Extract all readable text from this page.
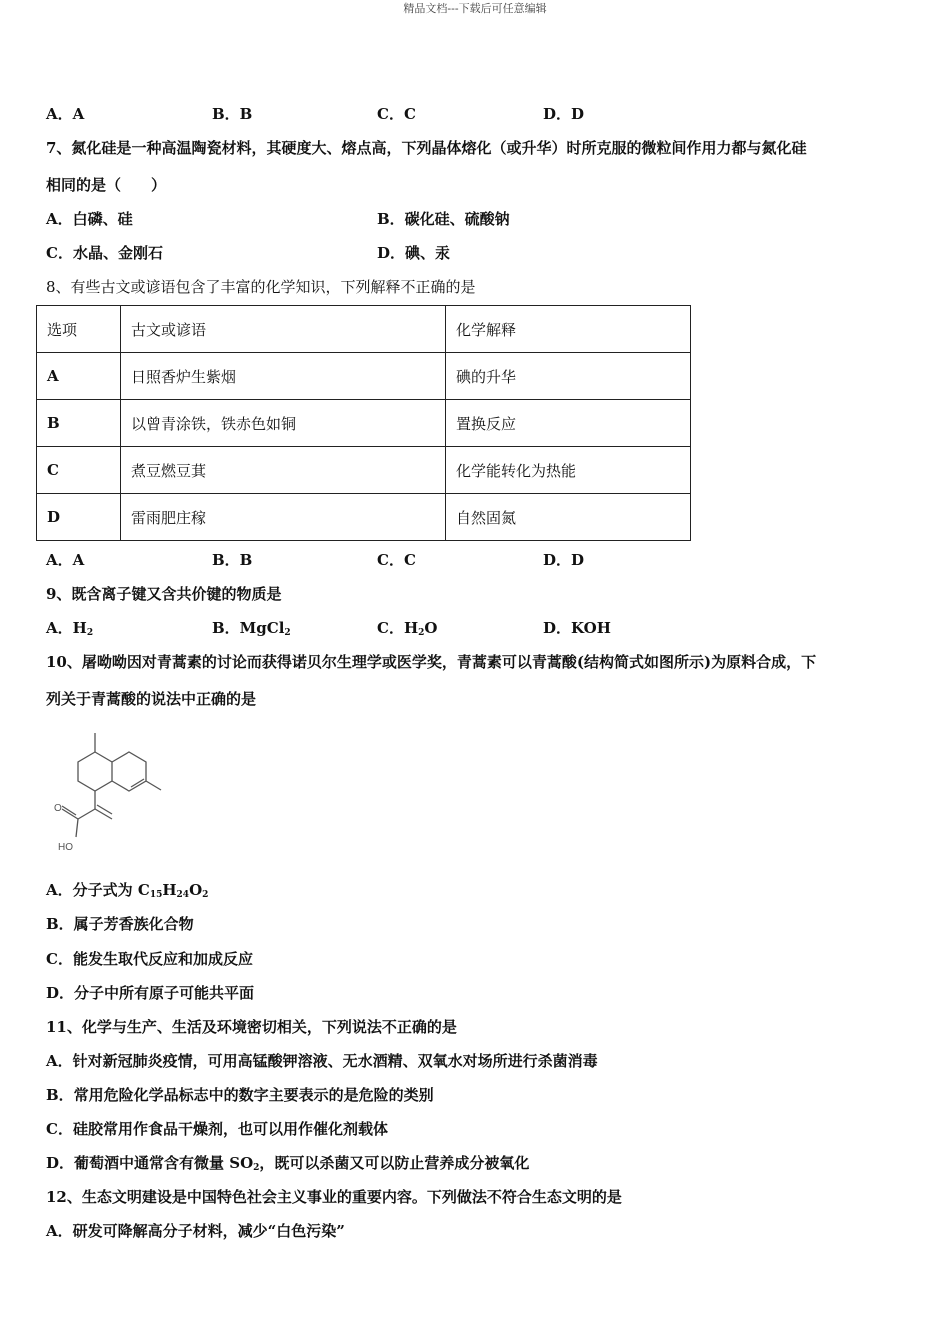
精品文档---下载后可任意编辑
A．A	B．B	C．C	D．D
7、氮化硅是一种高温陶瓷材料，其硬度大、熔点高，下列晶体熔化（或升华）时所克服的微粒间作用力都与氮化硅
相同的是（　　）
A．白磷、硅	B．碳化硅、硫酸钠
C．水晶、金刚石	D．碘、汞
8、有些古文或谚语包含了丰富的化学知识，下列解释不正确的是
选项	古文或谚语	化学解释
A	日照香炉生紫烟	碘的升华
B	以曾青涂铁，铁赤色如铜	置换反应
C	煮豆燃豆萁	化学能转化为热能
D	雷雨肥庄稼	自然固氮
A．A	B．B	C．C	D．D
9、既含离子键又含共价键的物质是
A．$H_2$	B．MgCl$_2$	C．$H_2O$	D．KOH
10、屠呦呦因对青蒿素的讨论而获得诺贝尔生理学或医学奖，青蒿素可以青蒿酸(结构简式如图所示)为原料合成，下
列关于青蒿酸的说法中正确的是
O
HO
A．分子式为 $C_{15}H_{24}O_2$
B．属子芳香族化合物
C．能发生取代反应和加成反应
D．分子中所有原子可能共平面
11、化学与生产、生活及环境密切相关，下列说法不正确的是
A．针对新冠肺炎疫情，可用高锰酸钾溶液、无水酒精、双氧水对场所进行杀菌消毒
B．常用危险化学品标志中的数字主要表示的是危险的类别
C．硅胶常用作食品干燥剂，也可以用作催化剂载体
D．葡萄酒中通常含有微量 $SO_2$，既可以杀菌又可以防止营养成分被氧化
12、生态文明建设是中国特色社会主义事业的重要内容。下列做法不符合生态文明的是
A．研发可降解高分子材料，减少“白色污染”
